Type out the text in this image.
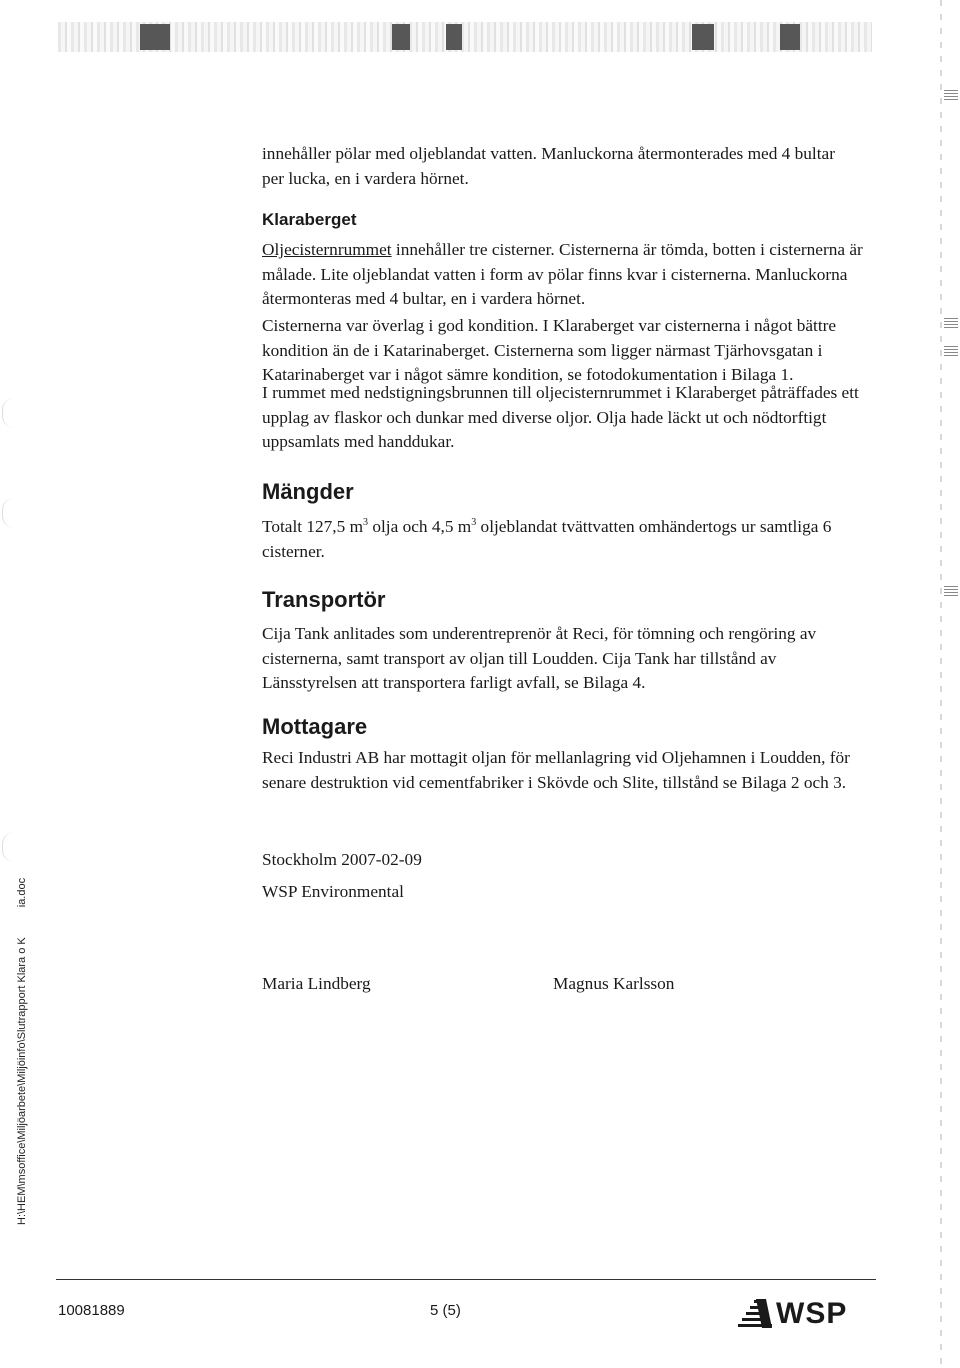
innehåller pölar med oljeblandat vatten. Manluckorna återmonterades med 4 bultar
per lucka, en i vardera hörnet.
Klaraberget

Oljecisternrummet innehåller tre cisterner. Cisternerna är tömda, botten i cisternerna är målade. Lite oljeblandat vatten i form av pölar finns kvar i cisternerna. Manluckorna återmonteras med 4 bultar, en i vardera hörnet.

Cisternerna var överlag i god kondition. I Klaraberget var cisternerna i något bättre kondition än de i Katarinaberget. Cisternerna som ligger närmast Tjärhovsgatan i Katarinaberget var i något sämre kondition, se fotodokumentation i Bilaga 1.

I rummet med nedstigningsbrunnen till oljecisternrummet i Klaraberget påträffades ett upplag av flaskor och dunkar med diverse oljor. Olja hade läckt ut och nödtorftigt uppsamlats med handdukar.

Mängder

Totalt 127,5 $m^3$ olja och 4,5 $m^3$ oljeblandat tvättvatten omhändertogs ur samtliga 6 cisterner.

Transportör

Cija Tank anlitades som underentreprenör åt Reci, för tömning och rengöring av cisternerna, samt transport av oljan till Loudden. Cija Tank har tillstånd av Länsstyrelsen att transportera farligt avfall, se Bilaga 4.

Mottagare

Reci Industri AB har mottagit oljan för mellanlagring vid Oljehamnen i Loudden, för senare destruktion vid cementfabriker i Skövde och Slite, tillstånd se Bilaga 2 och 3.

Stockholm 2007-02-09

WSP Environmental

Maria Lindberg	Magnus Karlsson

H:\HEM\msoffice\Miljöarbete\Miljöinfo\Slutrapport Klara o Kia.doc
10081889	5 (5)	WSP
